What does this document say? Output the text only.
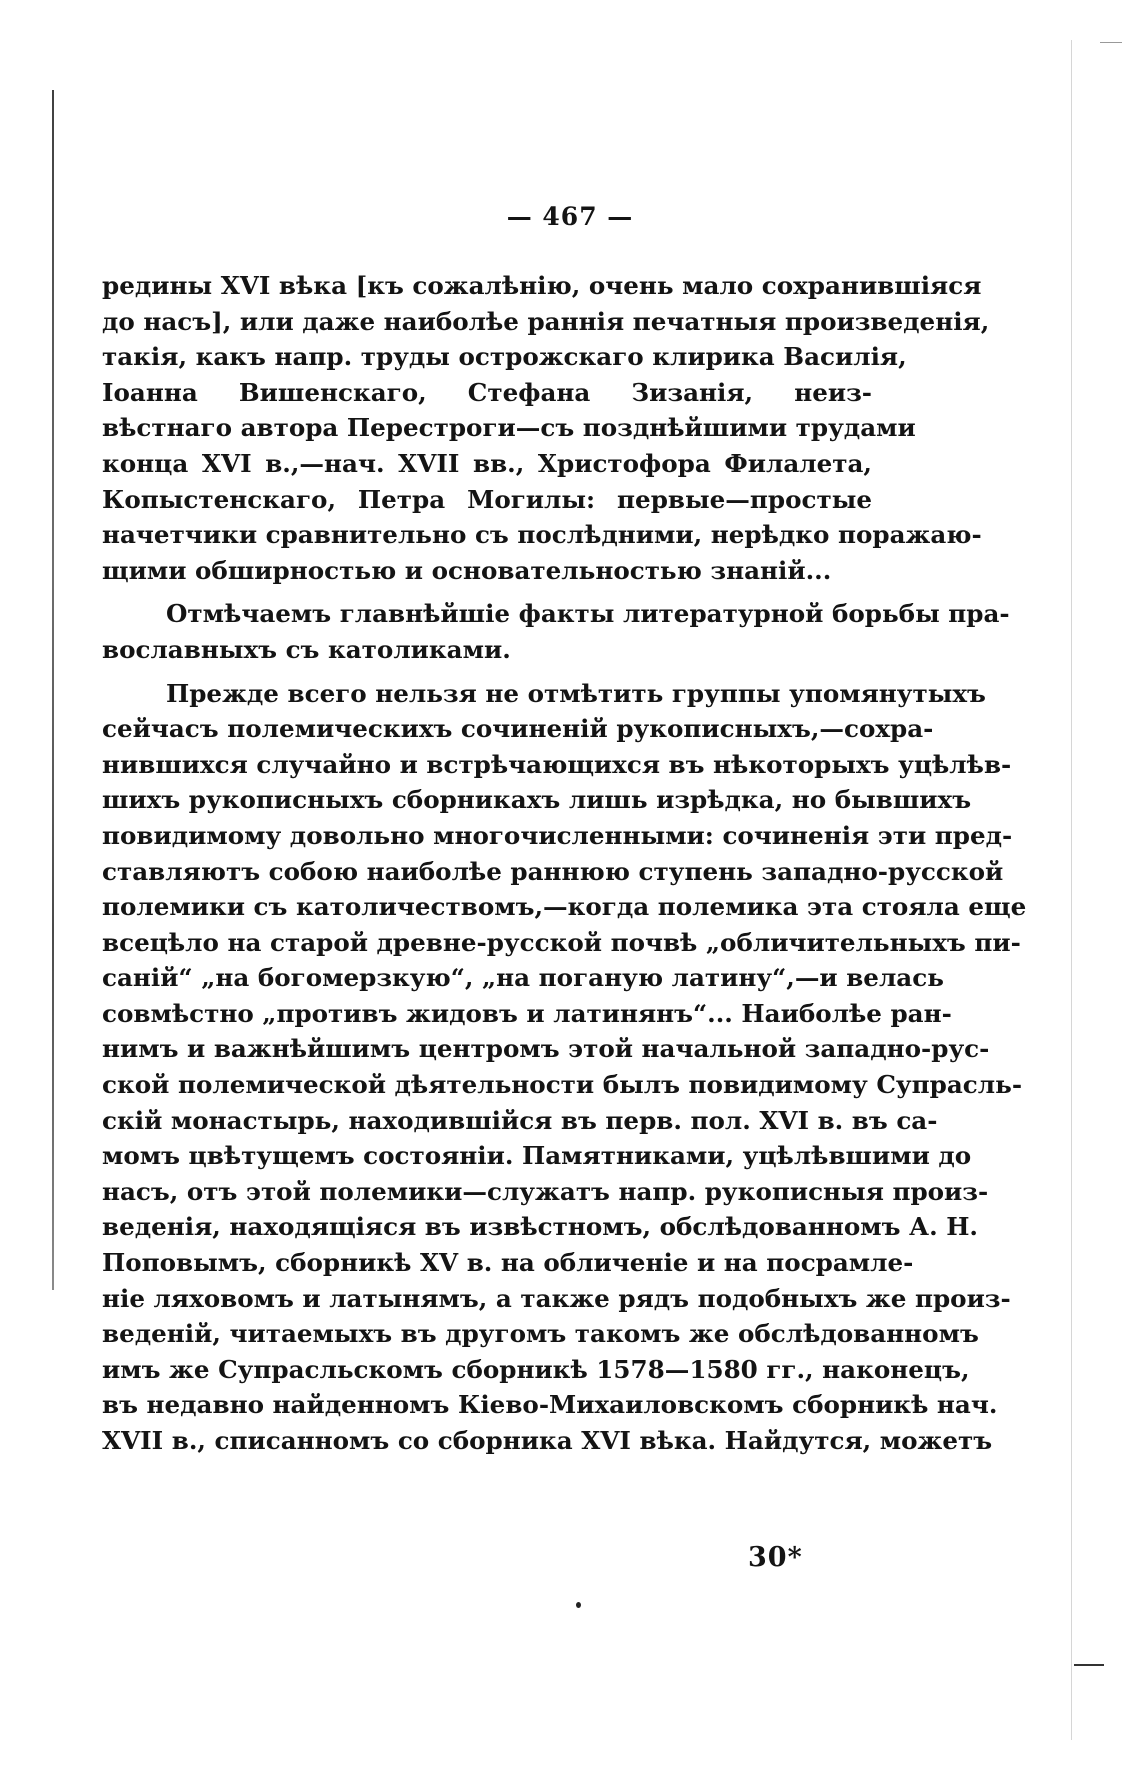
— 467 —
редины XVI вѣка [къ сожалѣнію, очень мало сохранившіяся
до насъ], или даже наиболѣе раннія печатныя произведенія,
такія, какъ напр. труды острожскаго клирика Василія,
Іоанна Вишенскаго, Стефана Зизанія, неиз-
вѣстнаго автора Перестроги—съ позднѣйшими трудами
конца XVI в.,—нач. XVII вв., Христофора Филалета,
Копыстенскаго, Петра Могилы: первые—простые
начетчики сравнительно съ послѣдними, нерѣдко поражаю-
щими обширностью и основательностью знаній...
Отмѣчаемъ главнѣйшіе факты литературной борьбы пра-
вославныхъ съ католиками.
Прежде всего нельзя не отмѣтить группы упомянутыхъ
сейчасъ полемическихъ сочиненій рукописныхъ,—сохра-
нившихся случайно и встрѣчающихся въ нѣкоторыхъ уцѣлѣв-
шихъ рукописныхъ сборникахъ лишь изрѣдка, но бывшихъ
повидимому довольно многочисленными: сочиненія эти пред-
ставляютъ собою наиболѣе раннюю ступень западно-русской
полемики съ католичествомъ,—когда полемика эта стояла еще
всецѣло на старой древне-русской почвѣ „обличительныхъ пи-
саній“ „на богомерзкую“, „на поганую латину“,—и велась
совмѣстно „противъ жидовъ и латинянъ“... Наиболѣе ран-
нимъ и важнѣйшимъ центромъ этой начальной западно-рус-
ской полемической дѣятельности былъ повидимому Супрасль-
скій монастырь, находившійся въ перв. пол. XVI в. въ са-
момъ цвѣтущемъ состояніи. Памятниками, уцѣлѣвшими до
насъ, отъ этой полемики—служатъ напр. рукописныя произ-
веденія, находящіяся въ извѣстномъ, обслѣдованномъ А. Н.
Поповымъ, сборникѣ XV в. на обличеніе и на посрамле-
ніе ляховомъ и латынямъ, а также рядъ подобныхъ же произ-
веденій, читаемыхъ въ другомъ такомъ же обслѣдованномъ
имъ же Супрасльскомъ сборникѣ 1578—1580 гг., наконецъ,
въ недавно найденномъ Кіево-Михаиловскомъ сборникѣ нач.
XVII в., списанномъ со сборника XVI вѣка. Найдутся, можетъ
30*
